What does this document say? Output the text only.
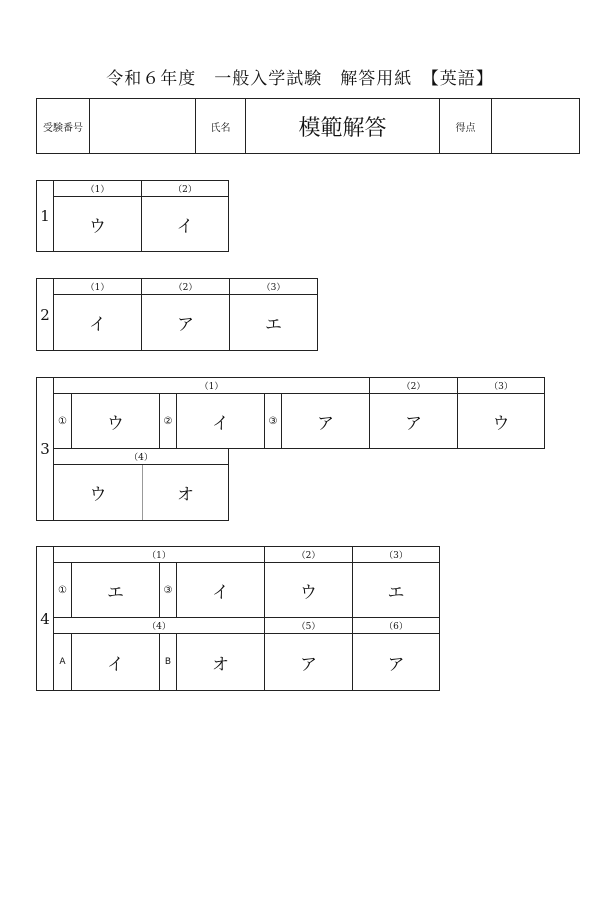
令和６年度　一般入学試験　解答用紙　【英語】
受験番号	氏名	模範解答	得点
1
（1）	（2）
ウ	イ
2
（1）	（2）	（3）
イ	ア	エ
3
（1）	（2）	（3）
①	ウ	②	イ	③	ア	ア	ウ
（4）
ウ	オ
4
（1）	（2）	（3）
①	エ	③	イ	ウ	エ
（4）	（5）	（6）
A	イ	B	オ	ア	ア
